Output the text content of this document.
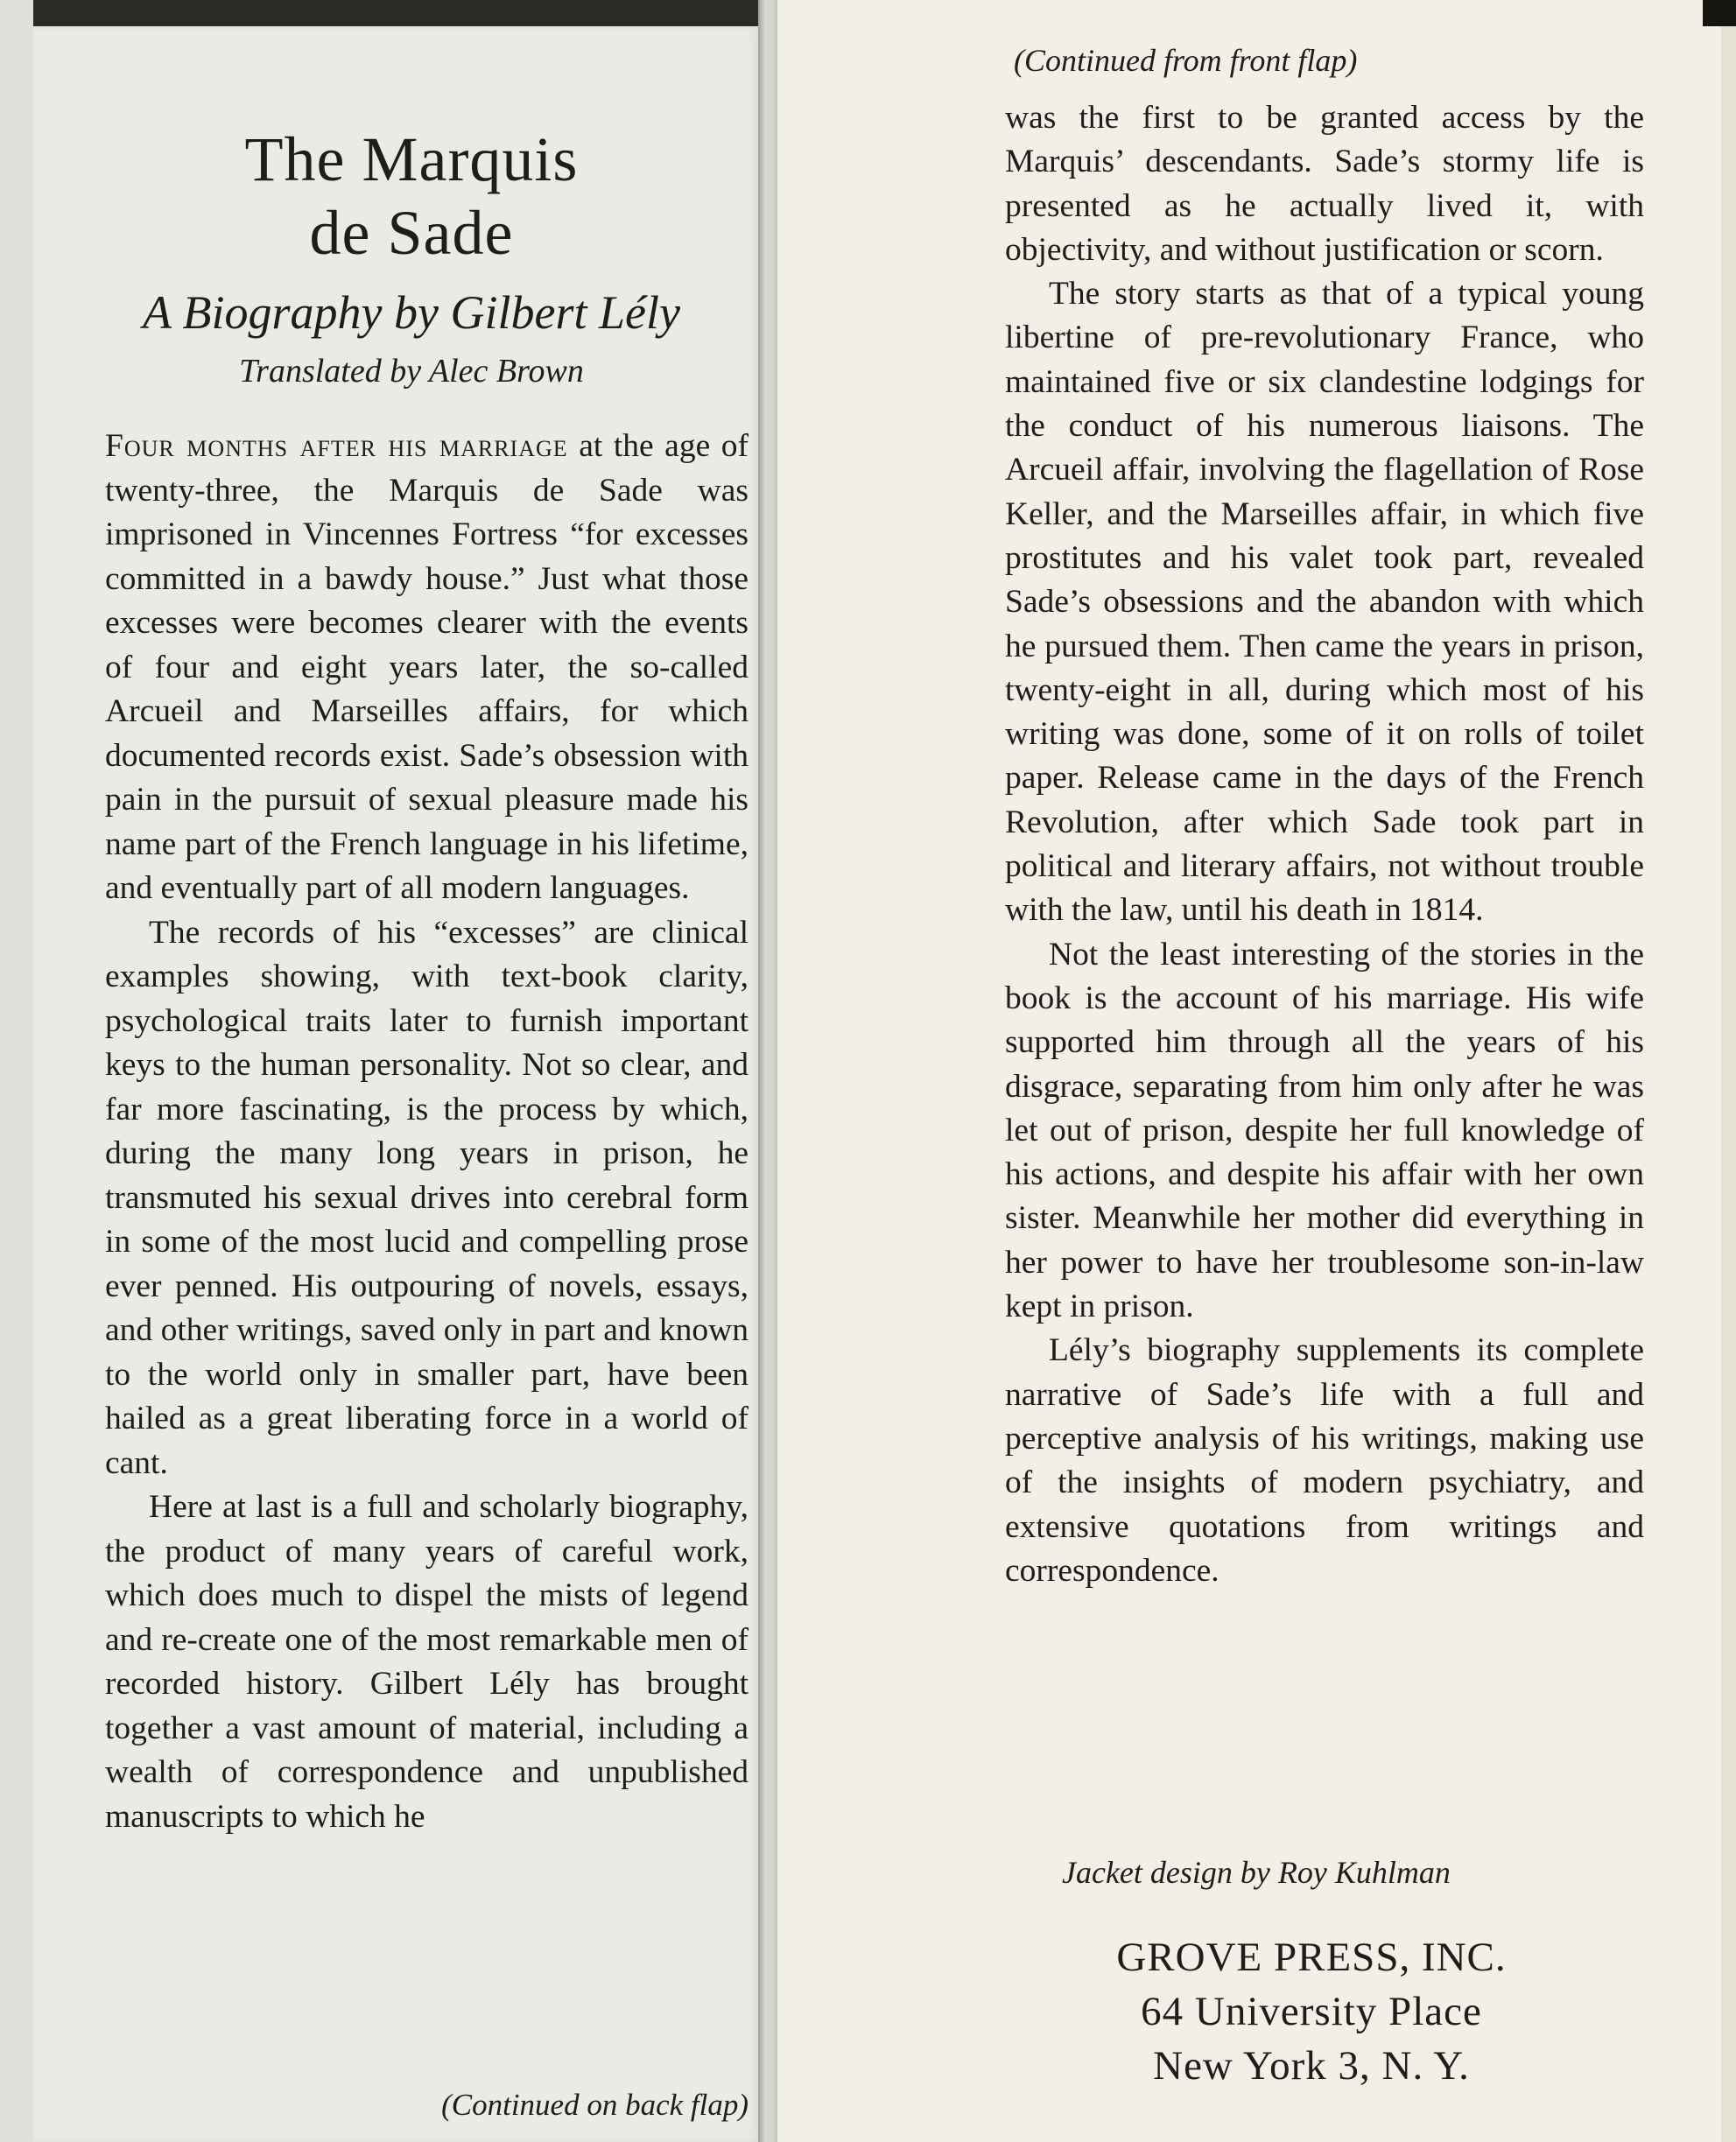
The Marquis
de Sade

A Biography by Gilbert Lély

Translated by Alec Brown

Four months after his marriage at the age of twenty-three, the Marquis de Sade was imprisoned in Vincennes Fortress “for excesses committed in a bawdy house.” Just what those excesses were becomes clearer with the events of four and eight years later, the so-called Arcueil and Marseilles affairs, for which documented records exist. Sade’s obsession with pain in the pursuit of sexual pleasure made his name part of the French language in his lifetime, and eventually part of all modern languages.

The records of his “excesses” are clinical examples showing, with text-book clarity, psychological traits later to furnish important keys to the human personality. Not so clear, and far more fascinating, is the process by which, during the many long years in prison, he transmuted his sexual drives into cerebral form in some of the most lucid and compelling prose ever penned. His outpouring of novels, essays, and other writings, saved only in part and known to the world only in smaller part, have been hailed as a great liberating force in a world of cant.

Here at last is a full and scholarly biography, the product of many years of careful work, which does much to dispel the mists of legend and re-create one of the most remarkable men of recorded history. Gilbert Lély has brought together a vast amount of material, including a wealth of correspondence and unpublished manuscripts to which he

(Continued on back flap)

(Continued from front flap)

was the first to be granted access by the Marquis’ descendants. Sade’s stormy life is presented as he actually lived it, with objectivity, and without justification or scorn.

The story starts as that of a typical young libertine of pre-revolutionary France, who maintained five or six clandestine lodgings for the conduct of his numerous liaisons. The Arcueil affair, involving the flagellation of Rose Keller, and the Marseilles affair, in which five prostitutes and his valet took part, revealed Sade’s obsessions and the abandon with which he pursued them. Then came the years in prison, twenty-eight in all, during which most of his writing was done, some of it on rolls of toilet paper. Release came in the days of the French Revolution, after which Sade took part in political and literary affairs, not without trouble with the law, until his death in 1814.

Not the least interesting of the stories in the book is the account of his marriage. His wife supported him through all the years of his disgrace, separating from him only after he was let out of prison, despite her full knowledge of his actions, and despite his affair with her own sister. Meanwhile her mother did everything in her power to have her troublesome son-in-law kept in prison.

Lély’s biography supplements its complete narrative of Sade’s life with a full and perceptive analysis of his writings, making use of the insights of modern psychiatry, and extensive quotations from writings and correspondence.

Jacket design by Roy Kuhlman
GROVE PRESS, INC.
64 University Place
New York 3, N. Y.
